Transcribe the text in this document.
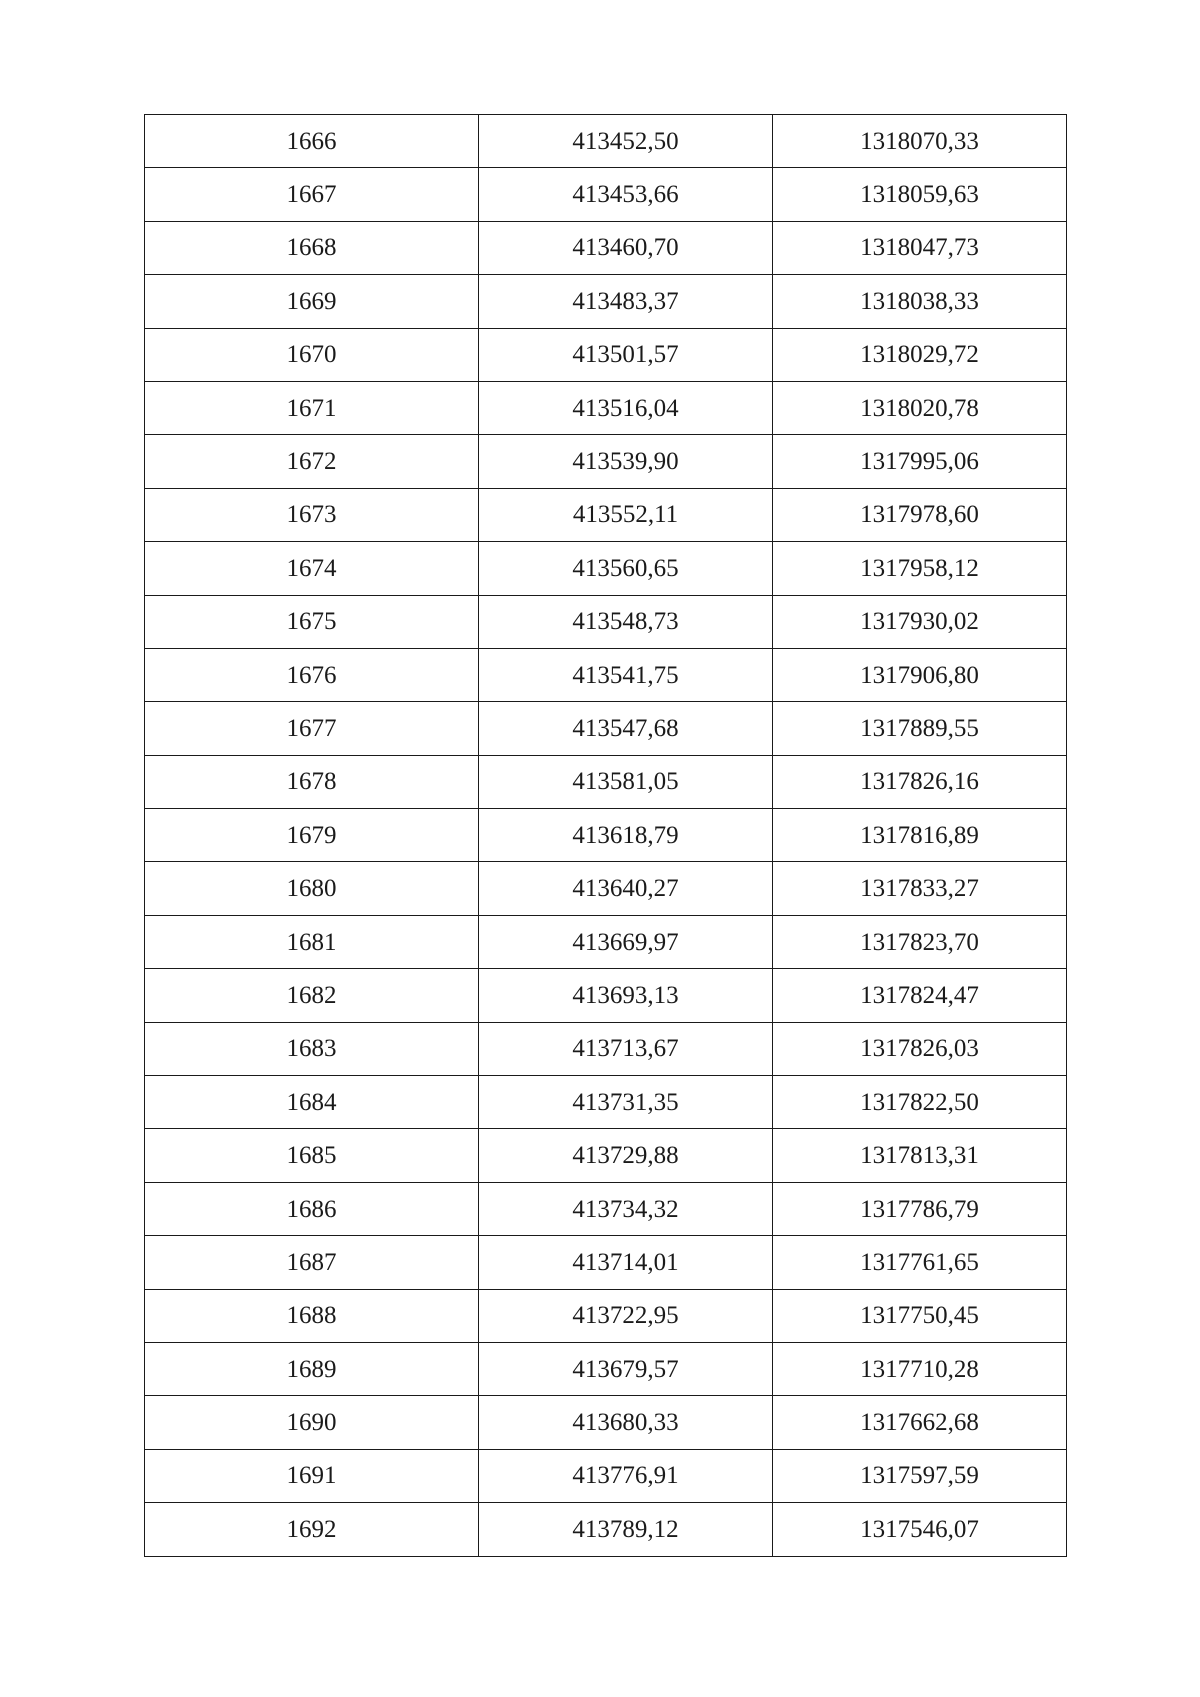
1666	413452,50	1318070,33
1667	413453,66	1318059,63
1668	413460,70	1318047,73
1669	413483,37	1318038,33
1670	413501,57	1318029,72
1671	413516,04	1318020,78
1672	413539,90	1317995,06
1673	413552,11	1317978,60
1674	413560,65	1317958,12
1675	413548,73	1317930,02
1676	413541,75	1317906,80
1677	413547,68	1317889,55
1678	413581,05	1317826,16
1679	413618,79	1317816,89
1680	413640,27	1317833,27
1681	413669,97	1317823,70
1682	413693,13	1317824,47
1683	413713,67	1317826,03
1684	413731,35	1317822,50
1685	413729,88	1317813,31
1686	413734,32	1317786,79
1687	413714,01	1317761,65
1688	413722,95	1317750,45
1689	413679,57	1317710,28
1690	413680,33	1317662,68
1691	413776,91	1317597,59
1692	413789,12	1317546,07
